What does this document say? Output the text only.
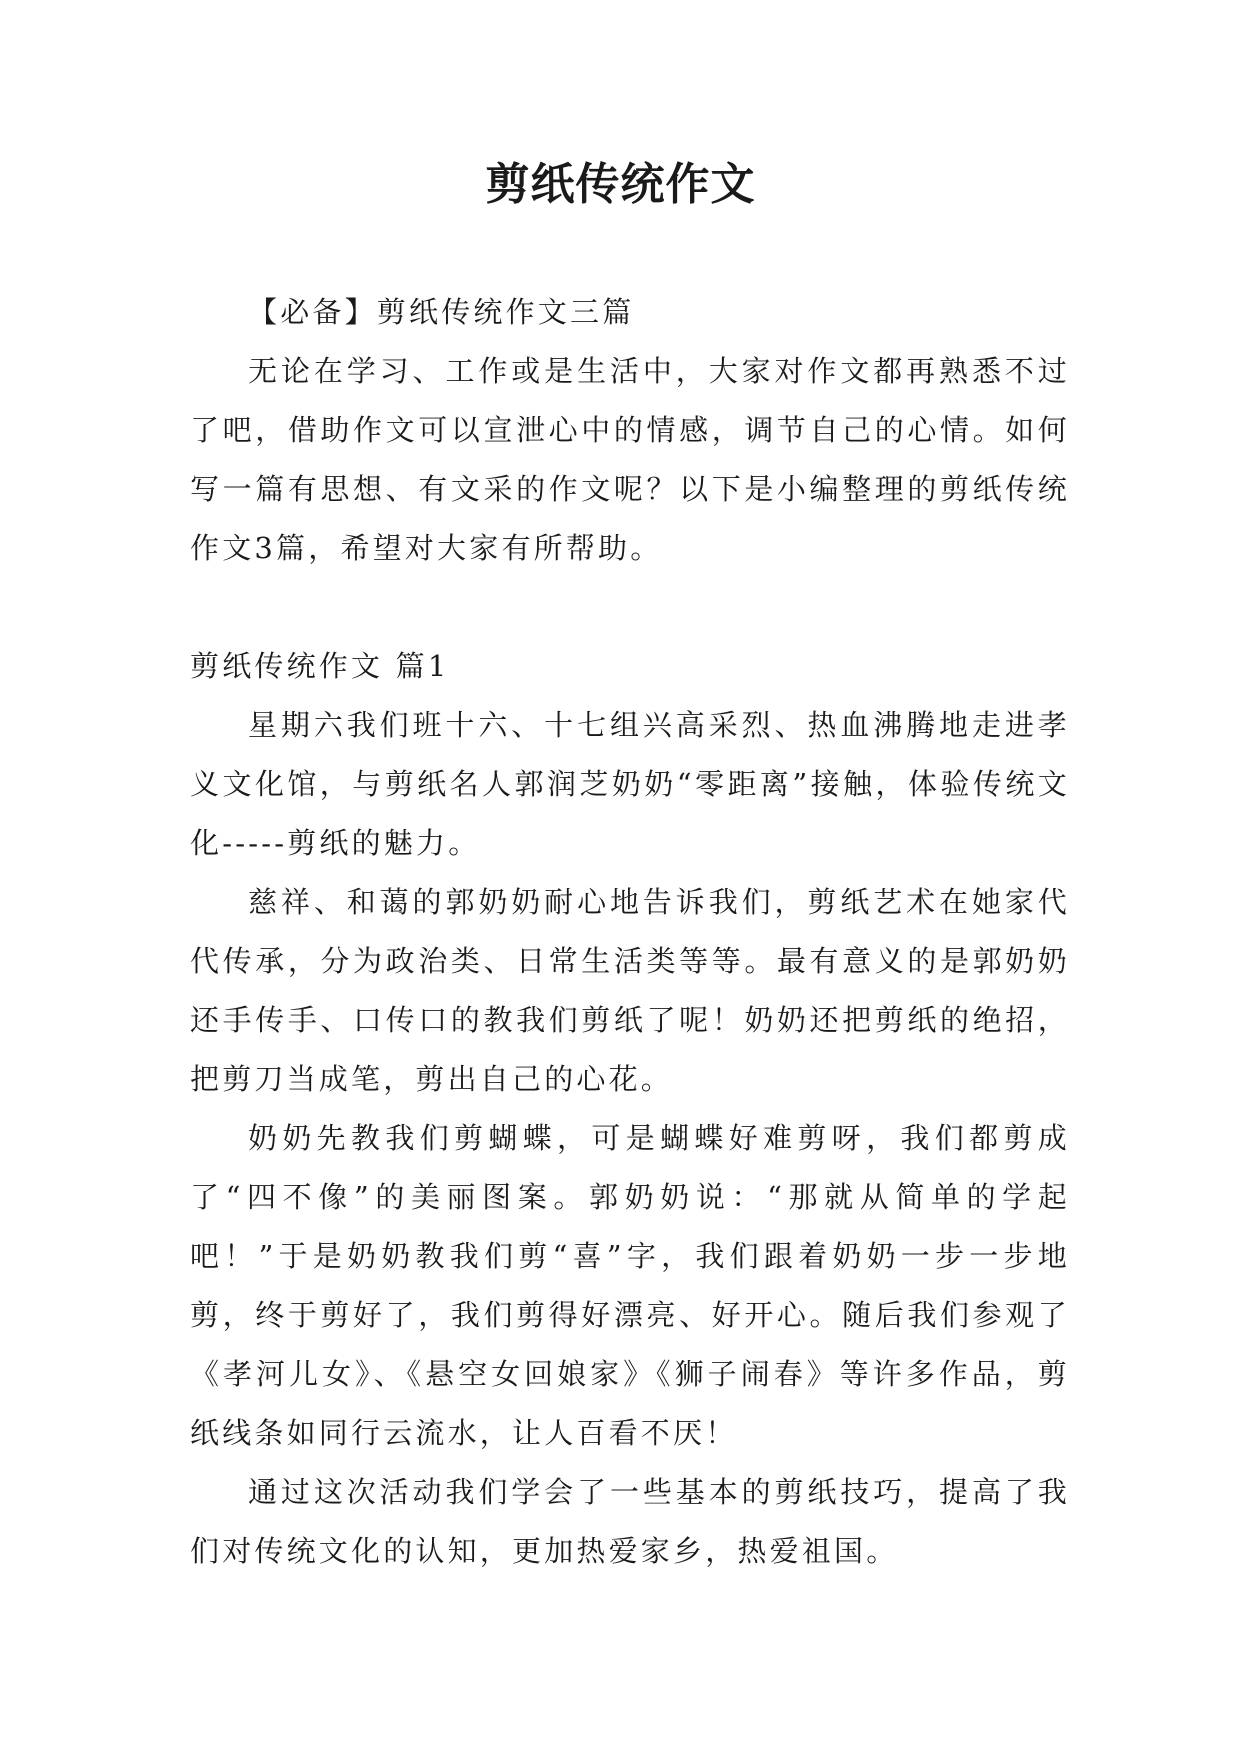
剪纸传统作文

【必备】剪纸传统作文三篇

无论在学习、工作或是生活中，大家对作文都再熟悉不过了吧，借助作文可以宣泄心中的情感，调节自己的心情。如何写一篇有思想、有文采的作文呢？以下是小编整理的剪纸传统作文3篇，希望对大家有所帮助。

剪纸传统作文 篇1

星期六我们班十六、十七组兴高采烈、热血沸腾地走进孝义文化馆，与剪纸名人郭润芝奶奶“零距离”接触，体验传统文化-----剪纸的魅力。

慈祥、和蔼的郭奶奶耐心地告诉我们，剪纸艺术在她家代代传承，分为政治类、日常生活类等等。最有意义的是郭奶奶还手传手、口传口的教我们剪纸了呢！奶奶还把剪纸的绝招，把剪刀当成笔，剪出自己的心花。

奶奶先教我们剪蝴蝶，可是蝴蝶好难剪呀，我们都剪成了“四不像”的美丽图案。郭奶奶说：“那就从简单的学起吧！”于是奶奶教我们剪“喜”字，我们跟着奶奶一步一步地剪，终于剪好了，我们剪得好漂亮、好开心。随后我们参观了《孝河儿女》、《悬空女回娘家》《狮子闹春》等许多作品，剪纸线条如同行云流水，让人百看不厌！

通过这次活动我们学会了一些基本的剪纸技巧，提高了我们对传统文化的认知，更加热爱家乡，热爱祖国。
